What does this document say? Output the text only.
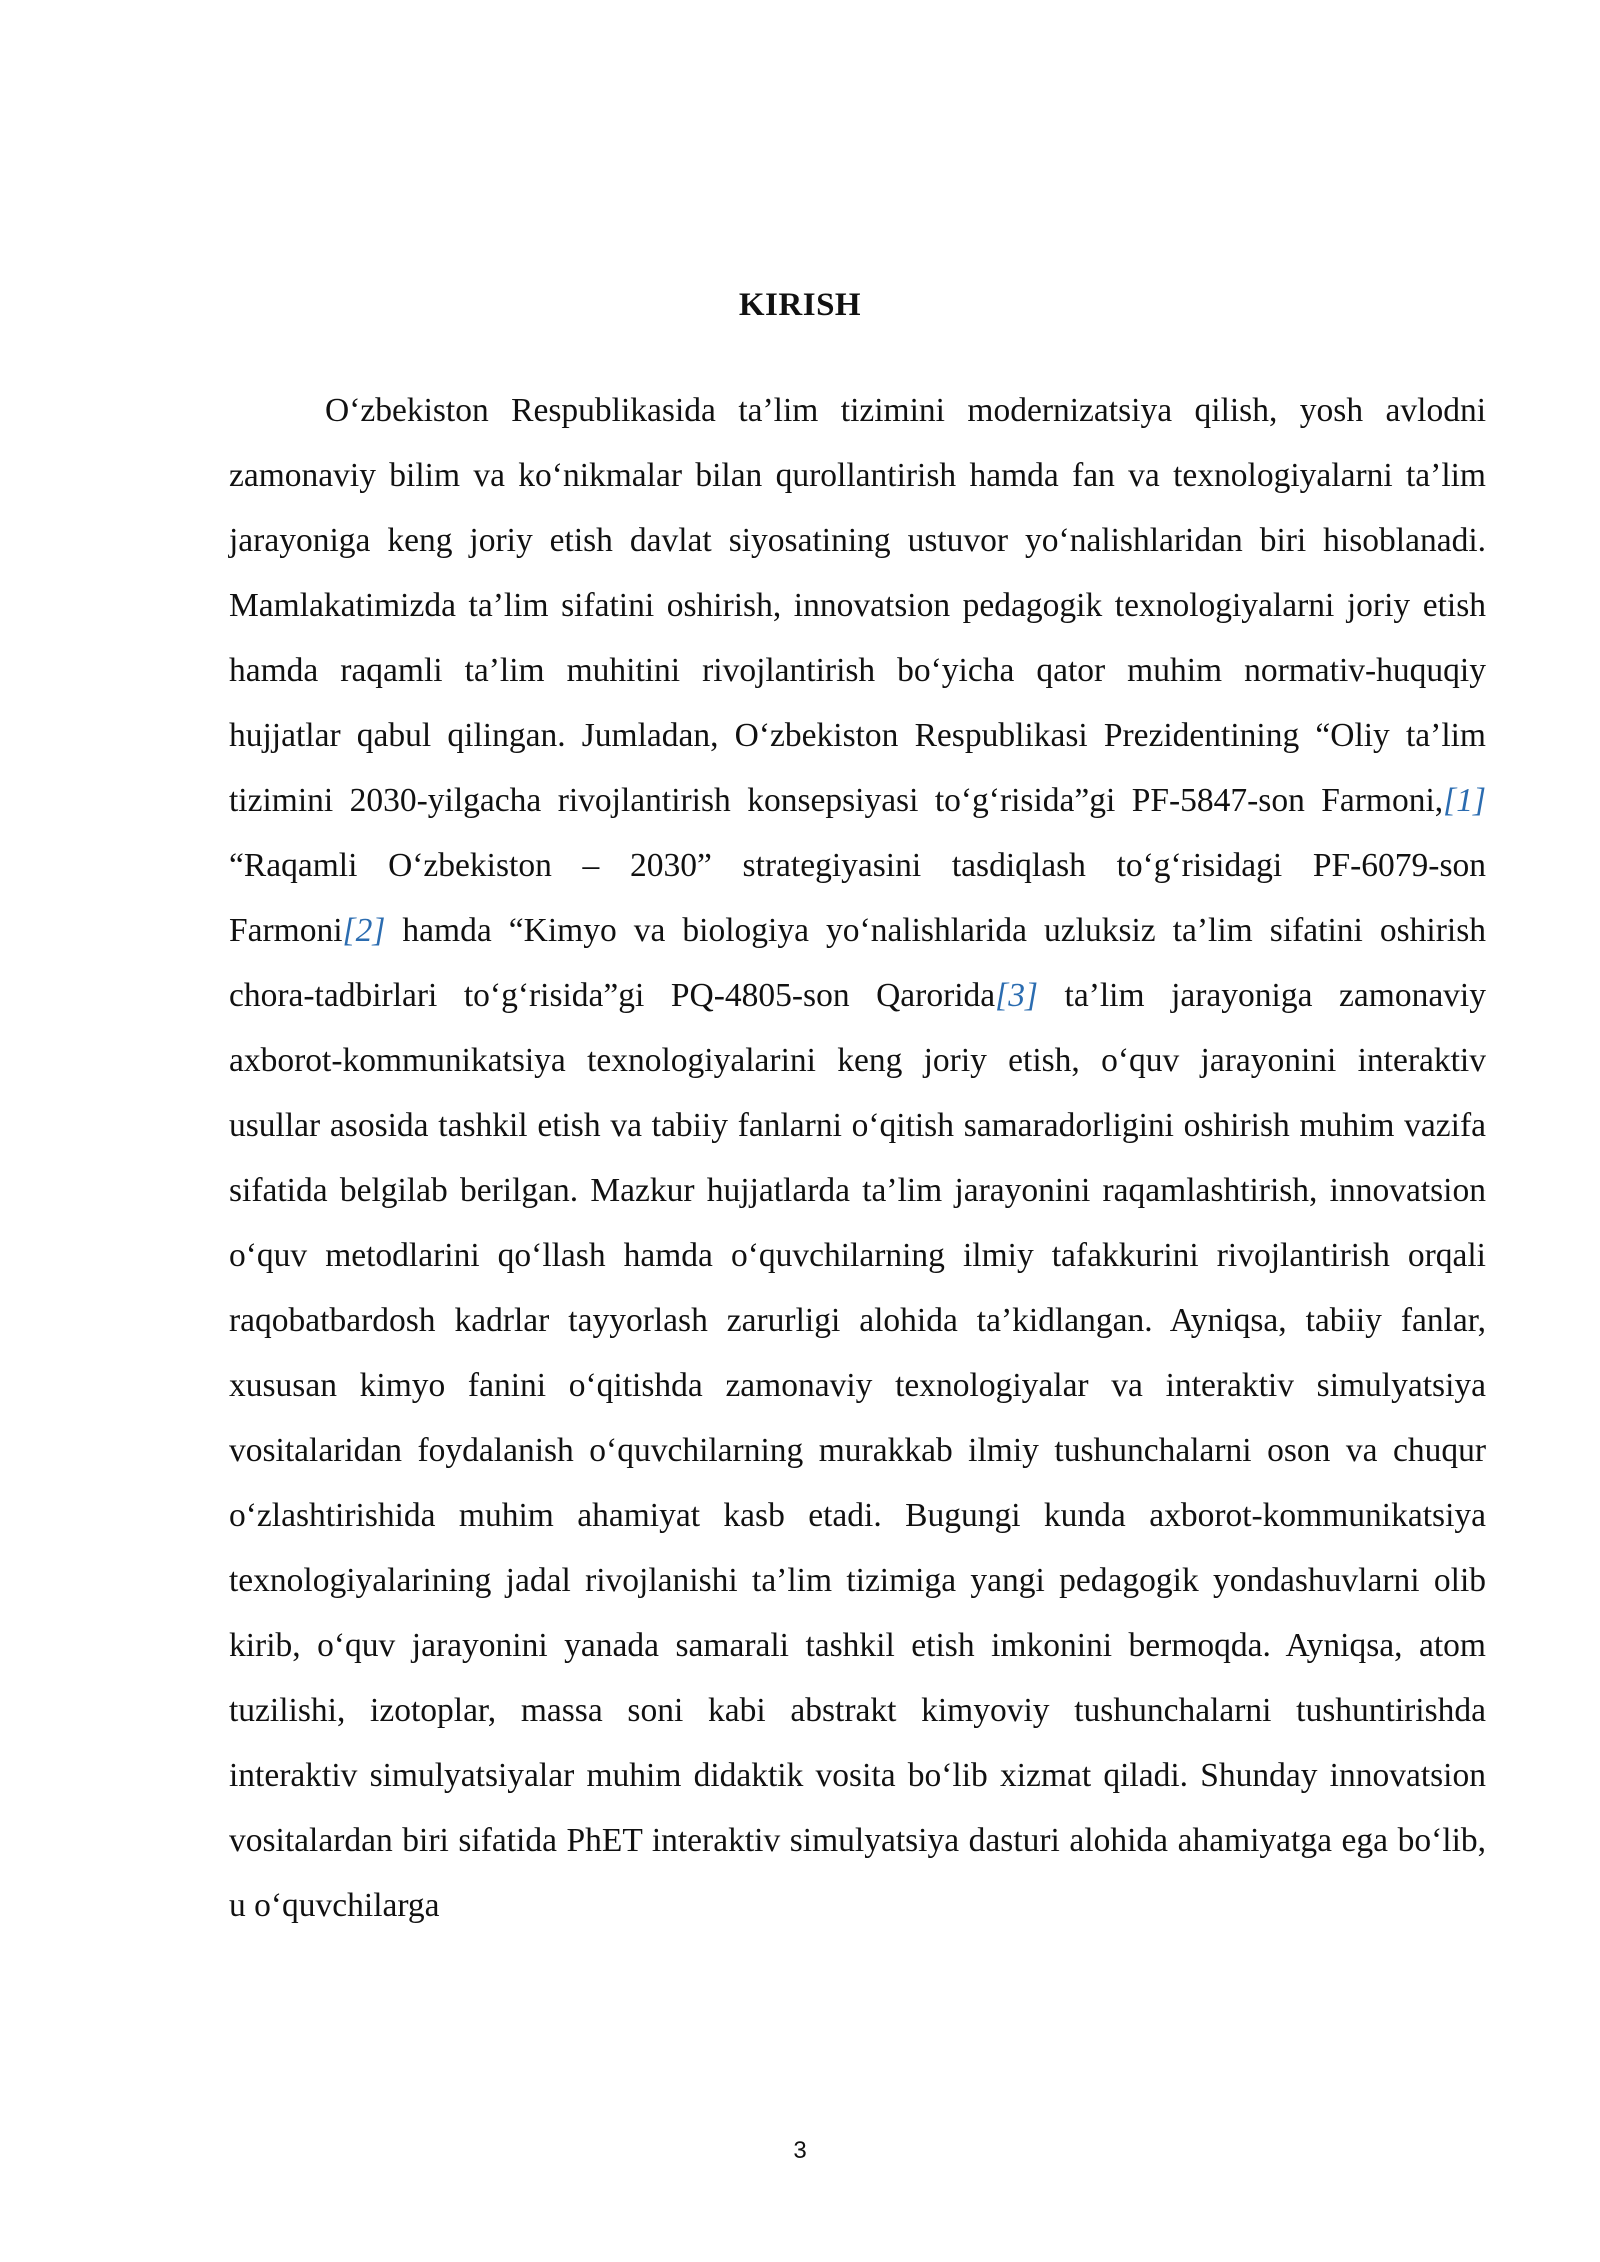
KIRISH

O‘zbekiston Respublikasida ta’lim tizimini modernizatsiya qilish, yosh avlodni zamonaviy bilim va ko‘nikmalar bilan qurollantirish hamda fan va texnologiyalarni ta’lim jarayoniga keng joriy etish davlat siyosatining ustuvor yo‘nalishlaridan biri hisoblanadi. Mamlakatimizda ta’lim sifatini oshirish, innovatsion pedagogik texnologiyalarni joriy etish hamda raqamli ta’lim muhitini rivojlantirish bo‘yicha qator muhim normativ-huquqiy hujjatlar qabul qilingan. Jumladan, O‘zbekiston Respublikasi Prezidentining “Oliy ta’lim tizimini 2030-yilgacha rivojlantirish konsepsiyasi to‘g‘risida”gi PF-5847-son Farmoni,[1] “Raqamli O‘zbekiston – 2030” strategiyasini tasdiqlash to‘g‘risidagi PF-6079-son Farmoni[2] hamda “Kimyo va biologiya yo‘nalishlarida uzluksiz ta’lim sifatini oshirish chora-tadbirlari to‘g‘risida”gi PQ-4805-son Qarorida[3] ta’lim jarayoniga zamonaviy axborot-kommunikatsiya texnologiyalarini keng joriy etish, o‘quv jarayonini interaktiv usullar asosida tashkil etish va tabiiy fanlarni o‘qitish samaradorligini oshirish muhim vazifa sifatida belgilab berilgan. Mazkur hujjatlarda ta’lim jarayonini raqamlashtirish, innovatsion o‘quv metodlarini qo‘llash hamda o‘quvchilarning ilmiy tafakkurini rivojlantirish orqali raqobatbardosh kadrlar tayyorlash zarurligi alohida ta’kidlangan. Ayniqsa, tabiiy fanlar, xususan kimyo fanini o‘qitishda zamonaviy texnologiyalar va interaktiv simulyatsiya vositalaridan foydalanish o‘quvchilarning murakkab ilmiy tushunchalarni oson va chuqur o‘zlashtirishida muhim ahamiyat kasb etadi. Bugungi kunda axborot-kommunikatsiya texnologiyalarining jadal rivojlanishi ta’lim tizimiga yangi pedagogik yondashuvlarni olib kirib, o‘quv jarayonini yanada samarali tashkil etish imkonini bermoqda. Ayniqsa, atom tuzilishi, izotoplar, massa soni kabi abstrakt kimyoviy tushunchalarni tushuntirishda interaktiv simulyatsiyalar muhim didaktik vosita bo‘lib xizmat qiladi. Shunday innovatsion vositalardan biri sifatida PhET interaktiv simulyatsiya dasturi alohida ahamiyatga ega bo‘lib, u o‘quvchilarga

3
